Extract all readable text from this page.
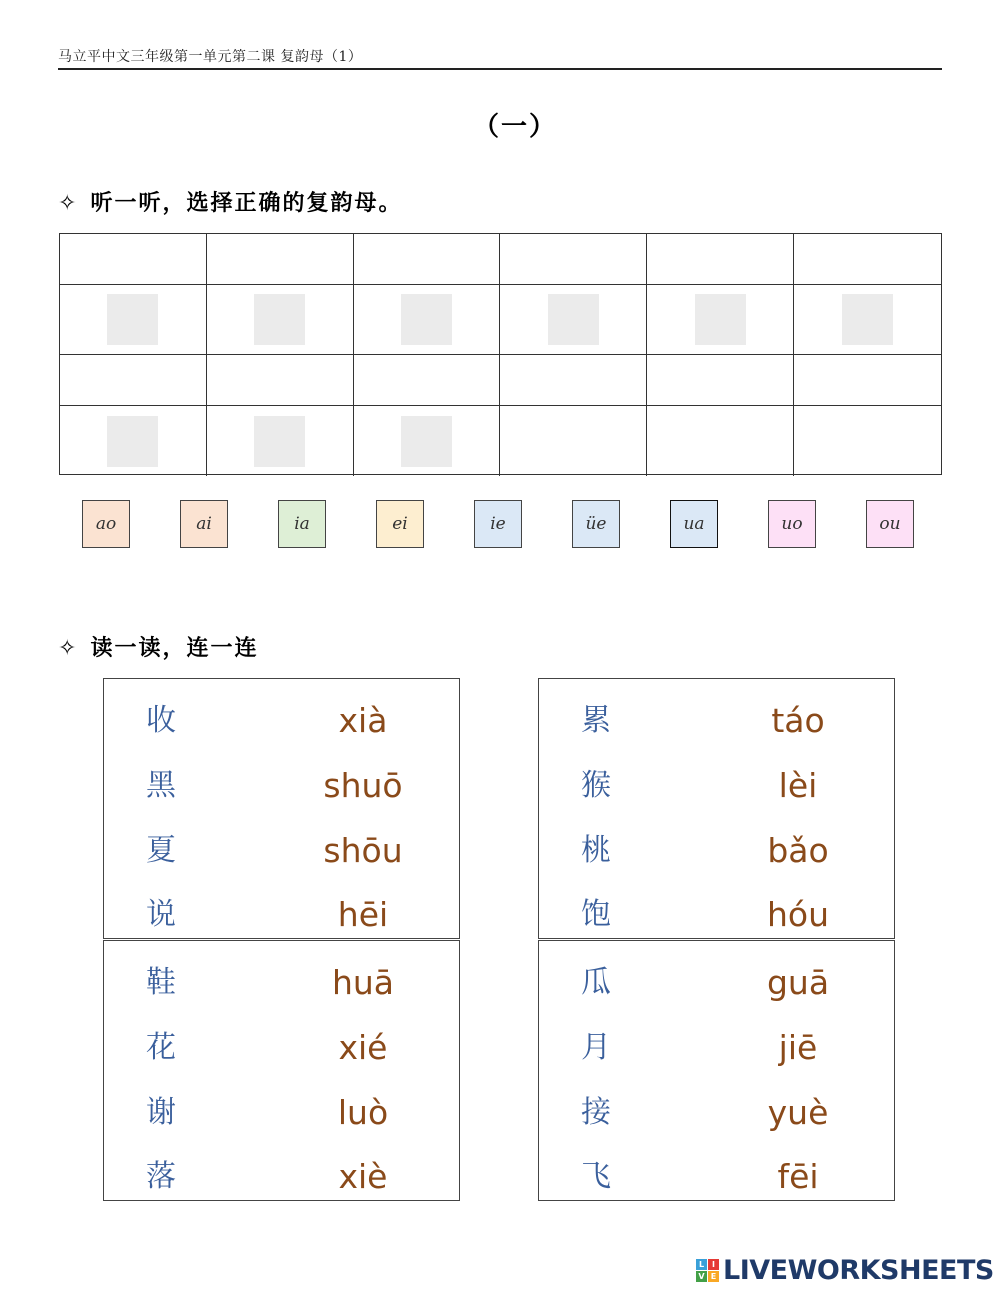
马立平中文三年级第一单元第二课 复韵母（1）
（一）
✧ 听一听，选择正确的复韵母。
ao	ai	ia	ei	ie	üe	ua	uo	ou
✧ 读一读，连一连
收	xià
黑	shuō
夏	shōu
说	hēi
累	táo
猴	lèi
桃	bǎo
饱	hóu
鞋	huā
花	xié
谢	luò
落	xiè
瓜	guā
月	jiē
接	yuè
飞	fēi
L I
V E LIVEWORKSHEETS
